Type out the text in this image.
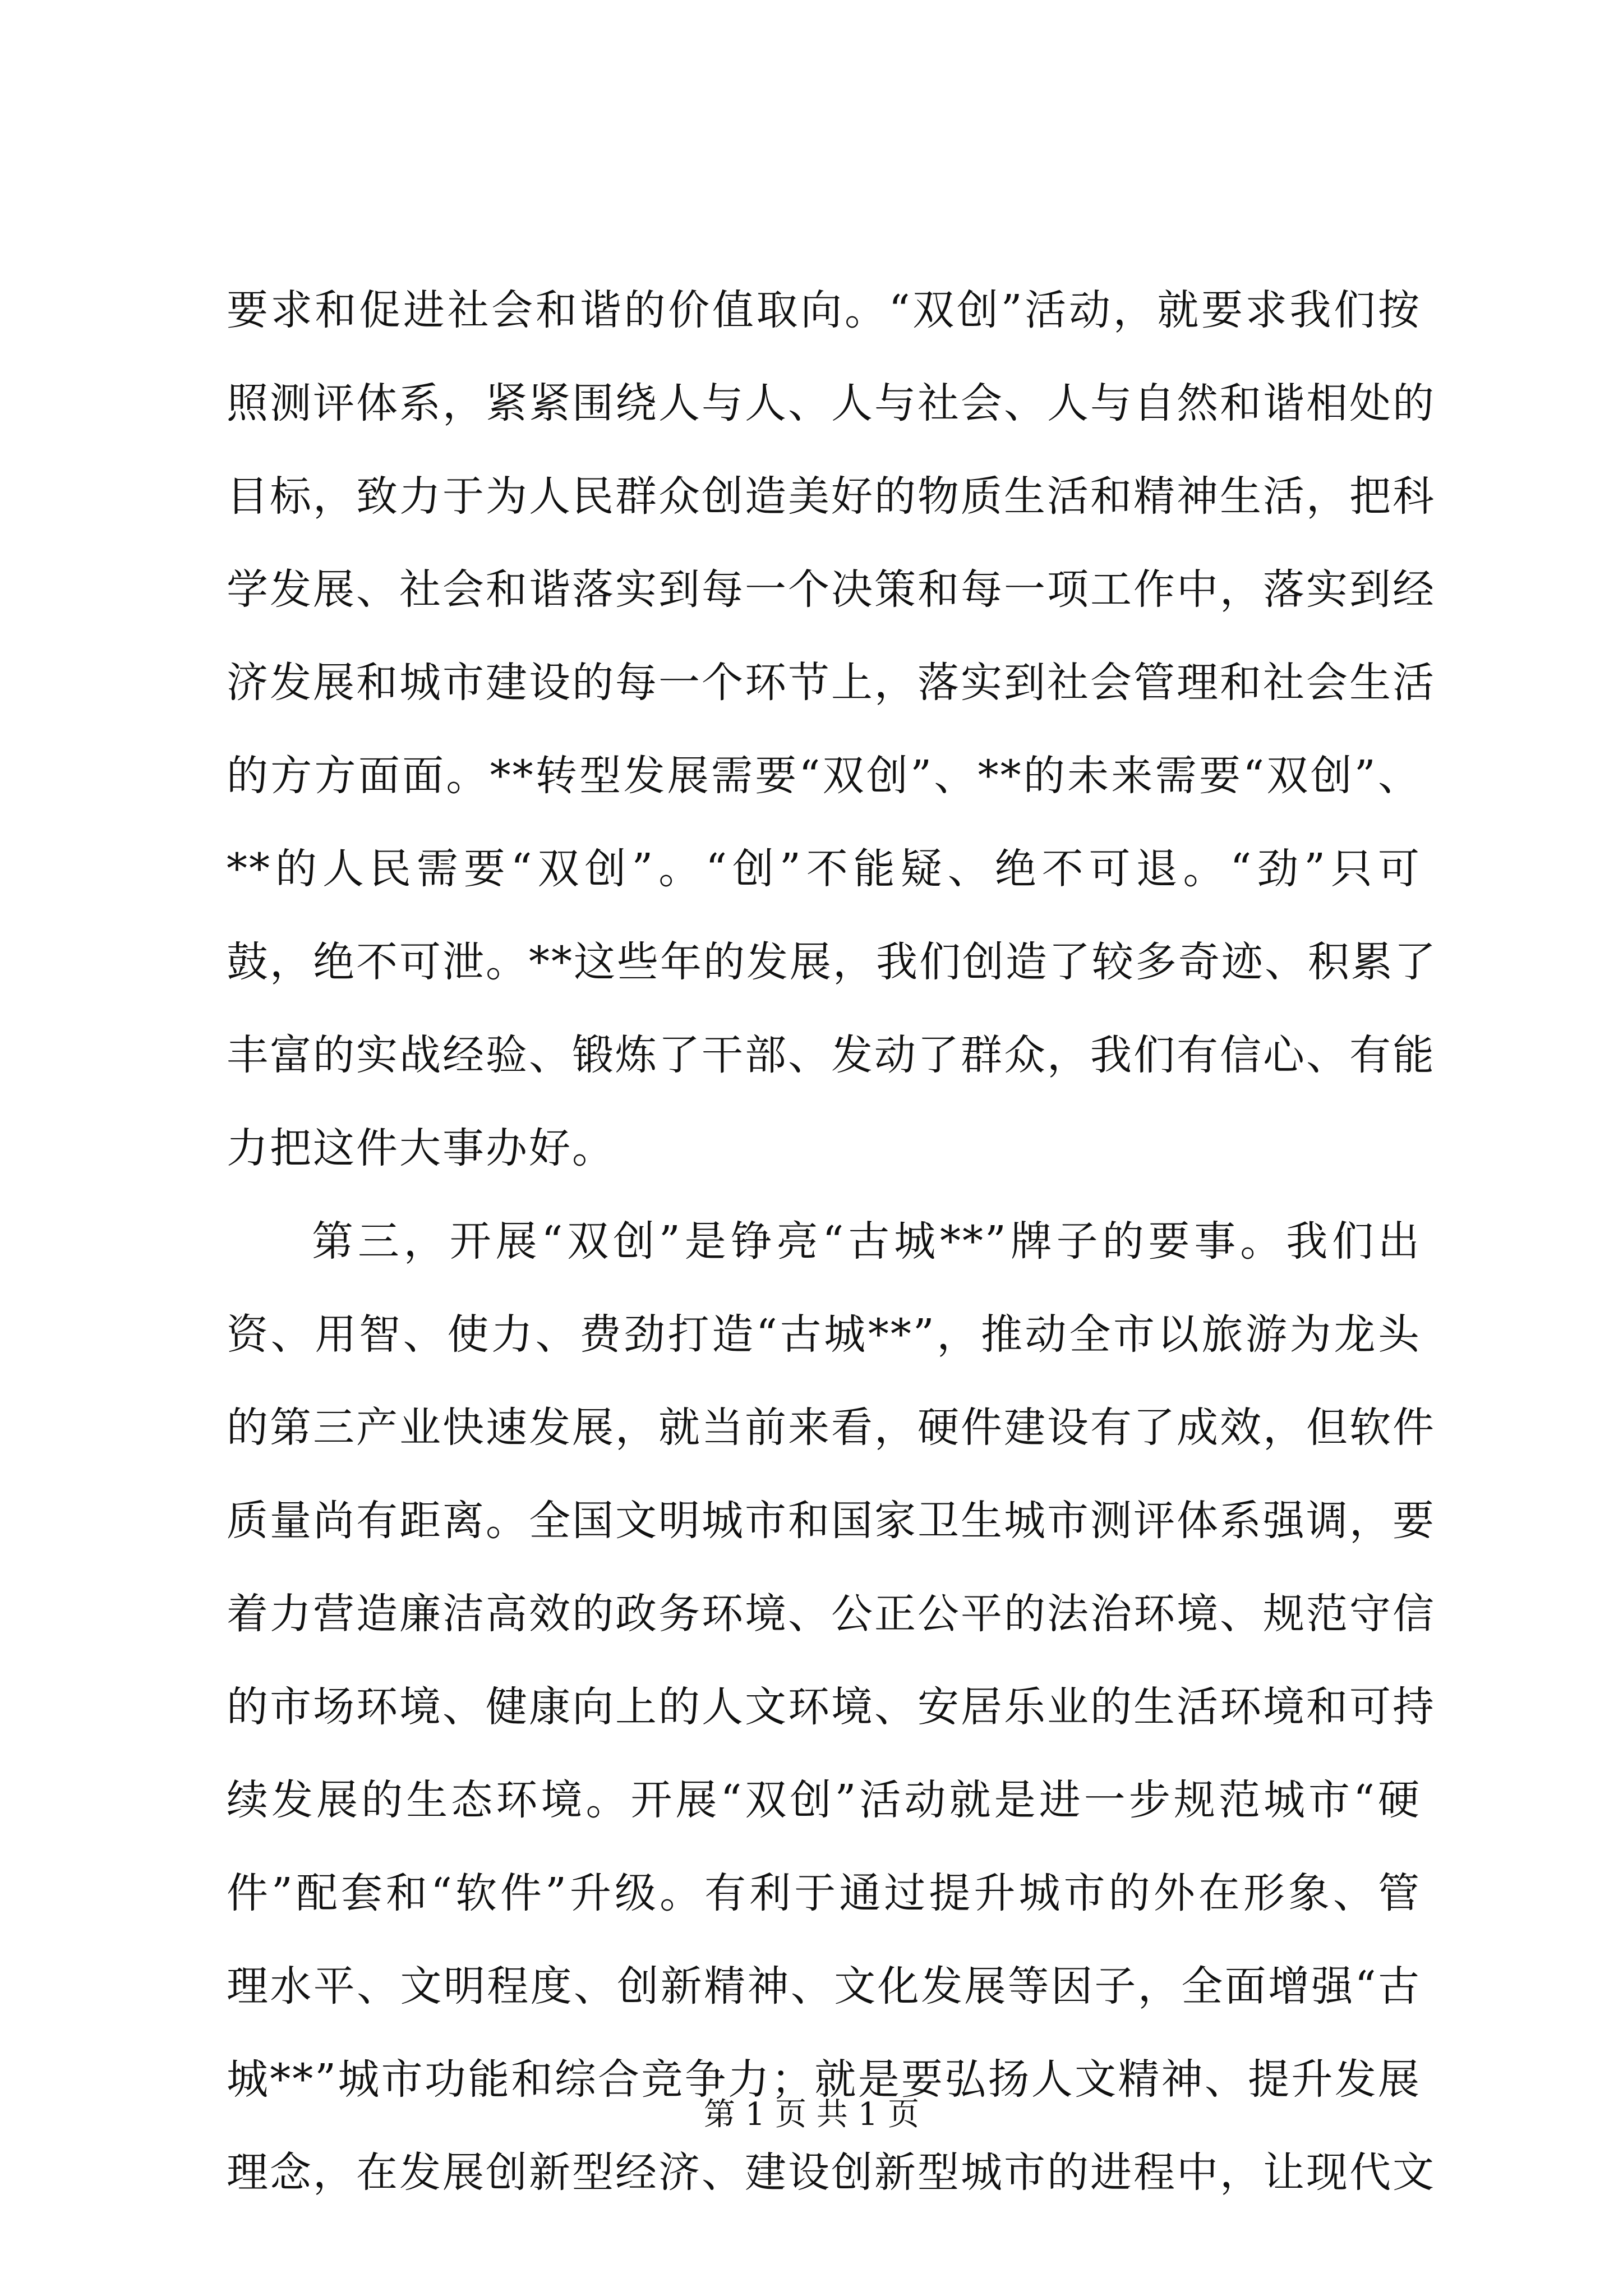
要求和促进社会和谐的价值取向。“双创”活动，就要求我们按
照测评体系，紧紧围绕人与人、人与社会、人与自然和谐相处的
目标，致力于为人民群众创造美好的物质生活和精神生活，把科
学发展、社会和谐落实到每一个决策和每一项工作中，落实到经
济发展和城市建设的每一个环节上，落实到社会管理和社会生活
的方方面面。**转型发展需要“双创”、**的未来需要“双创”、
**的人民需要“双创”。“创”不能疑、绝不可退。“劲”只可
鼓，绝不可泄。**这些年的发展，我们创造了较多奇迹、积累了
丰富的实战经验、锻炼了干部、发动了群众，我们有信心、有能
力把这件大事办好。
第三，开展“双创”是铮亮“古城**”牌子的要事。我们出
资、用智、使力、费劲打造“古城**”，推动全市以旅游为龙头
的第三产业快速发展，就当前来看，硬件建设有了成效，但软件
质量尚有距离。全国文明城市和国家卫生城市测评体系强调，要
着力营造廉洁高效的政务环境、公正公平的法治环境、规范守信
的市场环境、健康向上的人文环境、安居乐业的生活环境和可持
续发展的生态环境。开展“双创”活动就是进一步规范城市“硬
件”配套和“软件”升级。有利于通过提升城市的外在形象、管
理水平、文明程度、创新精神、文化发展等因子，全面增强“古
城**”城市功能和综合竞争力；就是要弘扬人文精神、提升发展
理念，在发展创新型经济、建设创新型城市的进程中，让现代文
第 1 页 共 1 页
